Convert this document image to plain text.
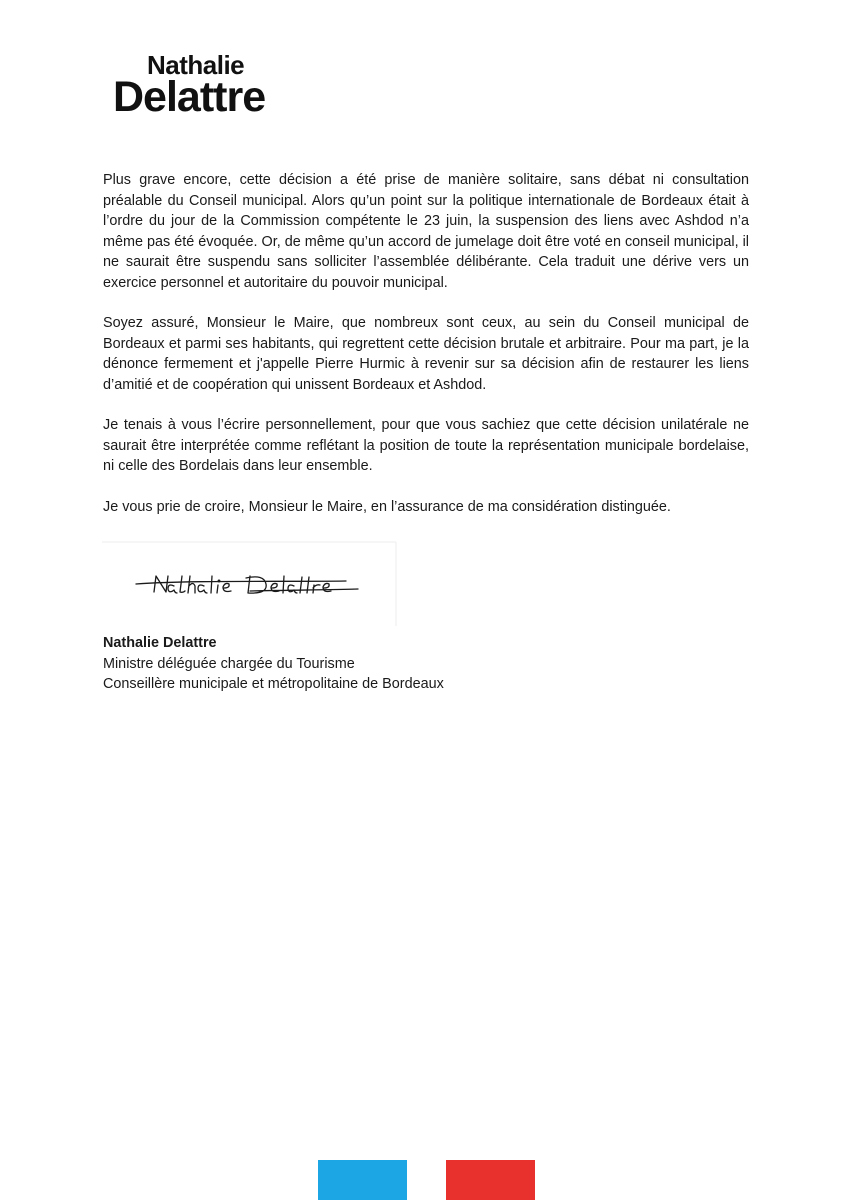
Nathalie
Delattre

Plus grave encore, cette décision a été prise de manière solitaire, sans débat ni consultation préalable du Conseil municipal. Alors qu’un point sur la politique internationale de Bordeaux était à l’ordre du jour de la Commission compétente le 23 juin, la suspension des liens avec Ashdod n’a même pas été évoquée. Or, de même qu’un accord de jumelage doit être voté en conseil municipal, il ne saurait être suspendu sans solliciter l’assemblée délibérante. Cela traduit une dérive vers un exercice personnel et autoritaire du pouvoir municipal.

Soyez assuré, Monsieur le Maire, que nombreux sont ceux, au sein du Conseil municipal de Bordeaux et parmi ses habitants, qui regrettent cette décision brutale et arbitraire. Pour ma part, je la dénonce fermement et j'appelle Pierre Hurmic à revenir sur sa décision afin de restaurer les liens d’amitié et de coopération qui unissent Bordeaux et Ashdod.

Je tenais à vous l’écrire personnellement, pour que vous sachiez que cette décision unilatérale ne saurait être interprétée comme reflétant la position de toute la représentation municipale bordelaise, ni celle des Bordelais dans leur ensemble.

Je vous prie de croire, Monsieur le Maire, en l’assurance de ma considération distinguée.

Nathalie Delattre
Ministre déléguée chargée du Tourisme
Conseillère municipale et métropolitaine de Bordeaux
